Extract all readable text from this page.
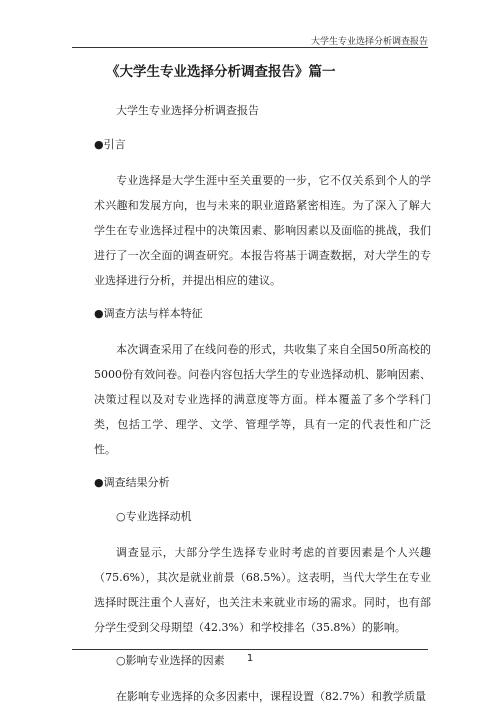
大学生专业选择分析调查报告
《大学生专业选择分析调查报告》篇一
大学生专业选择分析调查报告
●引言
专业选择是大学生涯中至关重要的一步，它不仅关系到个人的学术兴趣和发展方向，也与未来的职业道路紧密相连。为了深入了解大学生在专业选择过程中的决策因素、影响因素以及面临的挑战，我们进行了一次全面的调查研究。本报告将基于调查数据，对大学生的专业选择进行分析，并提出相应的建议。
●调查方法与样本特征
本次调查采用了在线问卷的形式，共收集了来自全国50所高校的5000份有效问卷。问卷内容包括大学生的专业选择动机、影响因素、决策过程以及对专业选择的满意度等方面。样本覆盖了多个学科门类，包括工学、理学、文学、管理学等，具有一定的代表性和广泛性。
●调查结果分析
○专业选择动机
调查显示，大部分学生选择专业时考虑的首要因素是个人兴趣（75.6%），其次是就业前景（68.5%）。这表明，当代大学生在专业选择时既注重个人喜好，也关注未来就业市场的需求。同时，也有部分学生受到父母期望（42.3%）和学校排名（35.8%）的影响。
○影响专业选择的因素
在影响专业选择的众多因素中，课程设置（82.7%）和教学质量
1
